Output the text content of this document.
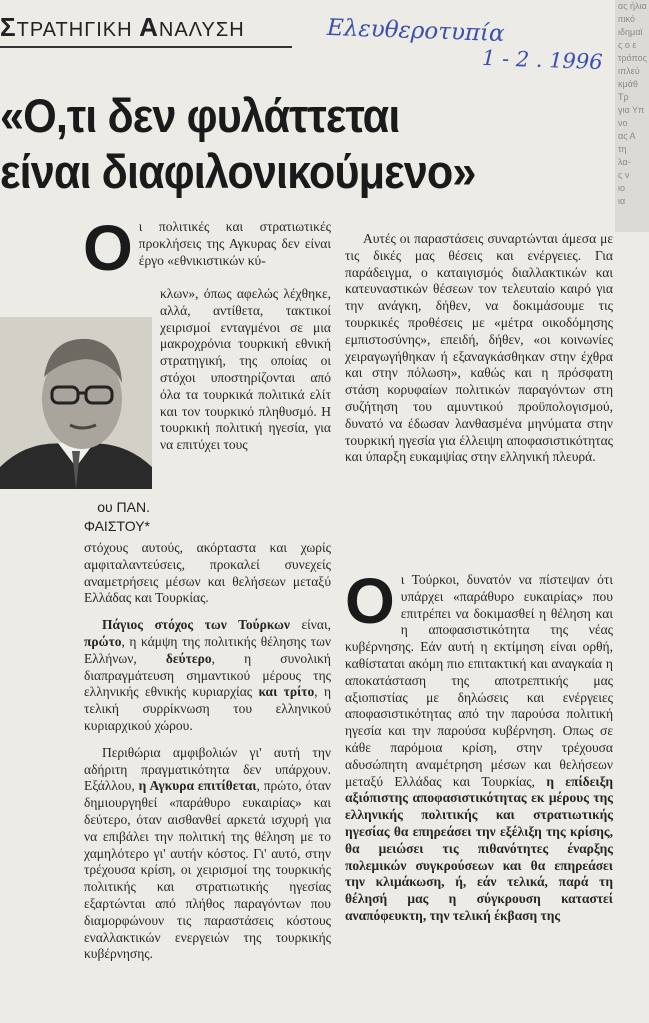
ας ήλια
ιτικό
ιδημαϊ
ς ο ε
τρόπος
ιπλεύ
κμάθ
Τρ
για Υπ
νο
ας Α
τη
λα-
ς ν
ιο
ια
ΣΤΡΑΤΗΓΙΚΗ ΑΝΑΛΥΣΗ	Ελευθεροτυπία
1 - 2 . 1996
«Ο,τι δεν φυλάττεται
είναι διαφιλονικούμενο»
ου ΠΑΝ.
ΦΑΙΣΤΟΥ*

Οι πολιτικές και στρατιωτικές προκλήσεις της Αγκυρας δεν είναι έργο «εθνικιστικών κύ-

κλων», όπως αφελώς λέχθηκε, αλλά, αντίθετα, τακτικοί χειρισμοί ενταγμένοι σε μια μακροχρόνια τουρκική εθνική στρατηγική, της οποίας οι στόχοι υποστηρίζονται από όλα τα τουρκικά πολιτικά ελίτ και τον τουρκικό πληθυσμό. Η τουρκική πολιτική ηγεσία, για να επιτύχει τους

στόχους αυτούς, ακόρταστα και χωρίς αμφιταλαντεύσεις, προκαλεί συνεχείς αναμετρήσεις μέσων και θελήσεων μεταξύ Ελλάδας και Τουρκίας.

Πάγιος στόχος των Τούρκων είναι, πρώτο, η κάμψη της πολιτικής θέλησης των Ελλήνων, δεύτερο, η συνολική διαπραγμάτευση σημαντικού μέρους της ελληνικής εθνικής κυριαρχίας και τρίτο, η τελική συρρίκνωση του ελληνικού κυριαρχικού χώρου.

Περιθώρια αμφιβολιών γι' αυτή την αδήριτη πραγματικότητα δεν υπάρχουν. Εξάλλου, η Αγκυρα επιτίθεται, πρώτο, όταν δημιουργηθεί «παράθυρο ευκαιρίας» και δεύτερο, όταν αισθανθεί αρκετά ισχυρή για να επιβάλει την πολιτική της θέληση με το χαμηλότερο γι' αυτήν κόστος. Γι' αυτό, στην τρέχουσα κρίση, οι χειρισμοί της τουρκικής πολιτικής και στρατιωτικής ηγεσίας εξαρτώνται από πλήθος παραγόντων που διαμορφώνουν τις παραστάσεις κόστους εναλλακτικών ενεργειών της τουρκικής κυβέρνησης.

Αυτές οι παραστάσεις συναρτώνται άμεσα με τις δικές μας θέσεις και ενέργειες. Για παράδειγμα, ο καταιγισμός διαλλακτικών και κατευναστικών θέσεων τον τελευταίο καιρό για την ανάγκη, δήθεν, να δοκιμάσουμε τις τουρκικές προθέσεις με «μέτρα οικοδόμησης εμπιστοσύνης», επειδή, δήθεν, «οι κοινωνίες χειραγωγήθηκαν ή εξαναγκάσθηκαν στην έχθρα και στην πόλωση», καθώς και η πρόσφατη στάση κορυφαίων πολιτικών παραγόντων στη συζήτηση του αμυντικού προϋπολογισμού, δυνατό να έδωσαν λανθασμένα μηνύματα στην τουρκική ηγεσία για έλλειψη αποφασιστικότητας και ύπαρξη ευκαμψίας στην ελληνική πλευρά.

Οι Τούρκοι, δυνατόν να πίστεψαν ότι υπάρχει «παράθυρο ευκαιρίας» που επιτρέπει να δοκιμασθεί η θέληση και η αποφασιστικότητα της νέας κυβέρνησης. Εάν αυτή η εκτίμηση είναι ορθή, καθίσταται ακόμη πιο επιτακτική και αναγκαία η αποκατάσταση της αποτρεπτικής μας αξιοπιστίας με δηλώσεις και ενέργειες αποφασιστικότητας από την παρούσα πολιτική ηγεσία και την παρούσα κυβέρνηση. Οπως σε κάθε παρόμοια κρίση, στην τρέχουσα αδυσώπητη αναμέτρηση μέσων και θελήσεων μεταξύ Ελλάδας και Τουρκίας, η επίδειξη αξιόπιστης αποφασιστικότητας εκ μέρους της ελληνικής πολιτικής και στρατιωτικής ηγεσίας θα επηρεάσει την εξέλιξη της κρίσης, θα μειώσει τις πιθανότητες έναρξης πολεμικών συγκρούσεων και θα επηρεάσει την κλιμάκωση, ή, εάν τελικά, παρά τη θέλησή μας η σύγκρουση καταστεί αναπόφευκτη, την τελική έκβαση της
